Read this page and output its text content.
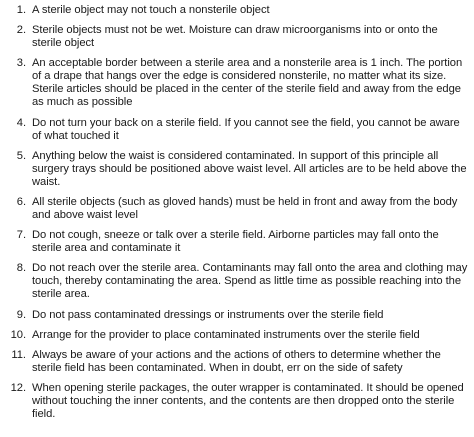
1. A sterile object may not touch a nonsterile object
2. Sterile objects must not be wet. Moisture can draw microorganisms into or onto the sterile object
3. An acceptable border between a sterile area and a nonsterile area is 1 inch. The portion of a drape that hangs over the edge is considered nonsterile, no matter what its size. Sterile articles should be placed in the center of the sterile field and away from the edge as much as possible
4. Do not turn your back on a sterile field. If you cannot see the field, you cannot be aware of what touched it
5. Anything below the waist is considered contaminated. In support of this principle all surgery trays should be positioned above waist level. All articles are to be held above the waist.
6. All sterile objects (such as gloved hands) must be held in front and away from the body and above waist level
7. Do not cough, sneeze or talk over a sterile field. Airborne particles may fall onto the sterile area and contaminate it
8. Do not reach over the sterile area. Contaminants may fall onto the area and clothing may touch, thereby contaminating the area. Spend as little time as possible reaching into the sterile area.
9. Do not pass contaminated dressings or instruments over the sterile field
10. Arrange for the provider to place contaminated instruments over the sterile field
11. Always be aware of your actions and the actions of others to determine whether the sterile field has been contaminated. When in doubt, err on the side of safety
12. When opening sterile packages, the outer wrapper is contaminated. It should be opened without touching the inner contents, and the contents are then dropped onto the sterile field.
